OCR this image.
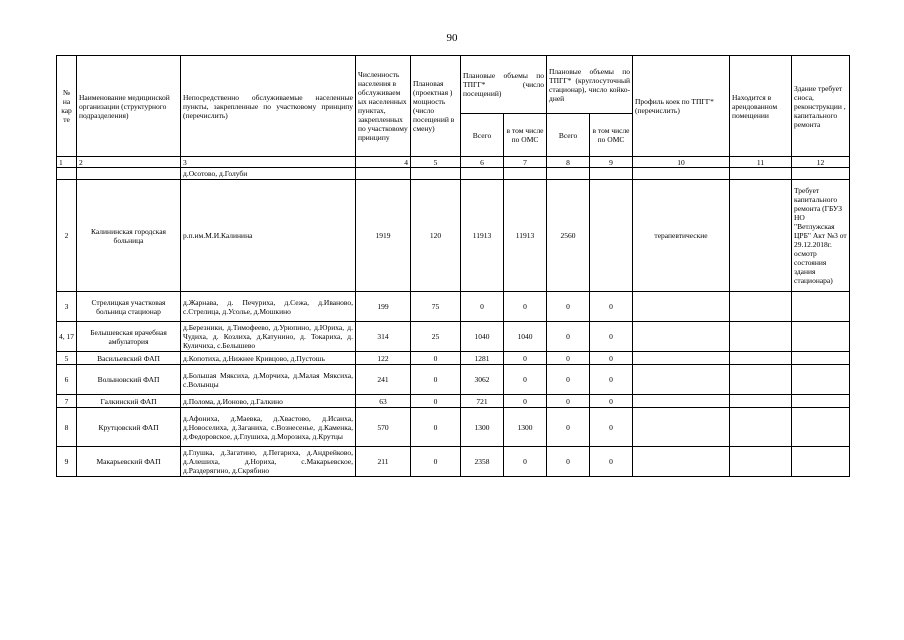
90
№ на кар те	Наименование медицинской организации (структурного подразделения)	Непосредственно обслуживаемые населенные пункты, закрепленные по участковому принципу (перечислить)	Численность населения в обслуживаем ых населенных пунктах, закрепленных по участковому принципу	Плановая (проектная ) мощность (число посещений в смену)	Плановые объемы по ТПГГ* (число посещений)		Плановые объемы по ТПГГ* (круглосуточный стационар), число койко-дней		Профиль коек по ТПГГ* (перечислить)	Находится в арендованном помещении	Здание требует сноса, реконструкции , капитального ремонта
					Всего	в том числе по ОМС	Всего	в том числе по ОМС			
1	2	3	4	5	6	7	8	9	10	11	12
		д.Осотово, д.Голуби									
2	Калининская городская больница	р.п.им.М.И.Калинина	1919	120	11913	11913	2560		терапевтические		Требует капитального ремонта (ГБУЗ НО "Ветлужская ЦРБ" Акт №3 от 29.12.2018г. осмотр состояния здания стационара)
3	Стрелицкая участковая больница стационар	д.Жарнава, д. Печуриха, д.Сежа, д.Иваново, с.Стрелица, д.Усолье, д.Мошкино	199	75	0	0	0	0			
4, 17	Белышевская врачебная амбулатория	д.Березники, д.Тимофеево, д.Урюпино, д.Юриха, д. Чудиха, д. Козлиха, д.Катунино, д. Токариха, д. Куличиха, с.Белышево	314	25	1040	1040	0	0			
5	Васильевский ФАП	д.Копотиха, д.Нижнее Кривцово, д.Пустошь	122	0	1281	0	0	0			
6	Волыновский ФАП	д.Большая Мяксиха, д.Морчиха, д.Малая Мяксиха, с.Волынцы	241	0	3062	0	0	0			
7	Галкинский ФАП	д.Полома, д.Ионово, д.Галкино	63	0	721	0	0	0			
8	Крутцовский ФАП	д.Афониха, д.Маевка, д.Хвастово, д.Исаиха, д.Новоселиха, д.Заганиха, с.Вознесенье, д.Каменка, д.Федоровское, д.Глушиха, д.Морозиха, д.Крутцы	570	0	1300	1300	0	0			
9	Макарьевский ФАП	д.Глушка, д.Загатино, д.Пегариха, д.Андрейково, д.Алешиха, д.Нориха, с.Макарьевское, д.Раздерягино, д.Скрябино	211	0	2358	0	0	0			
